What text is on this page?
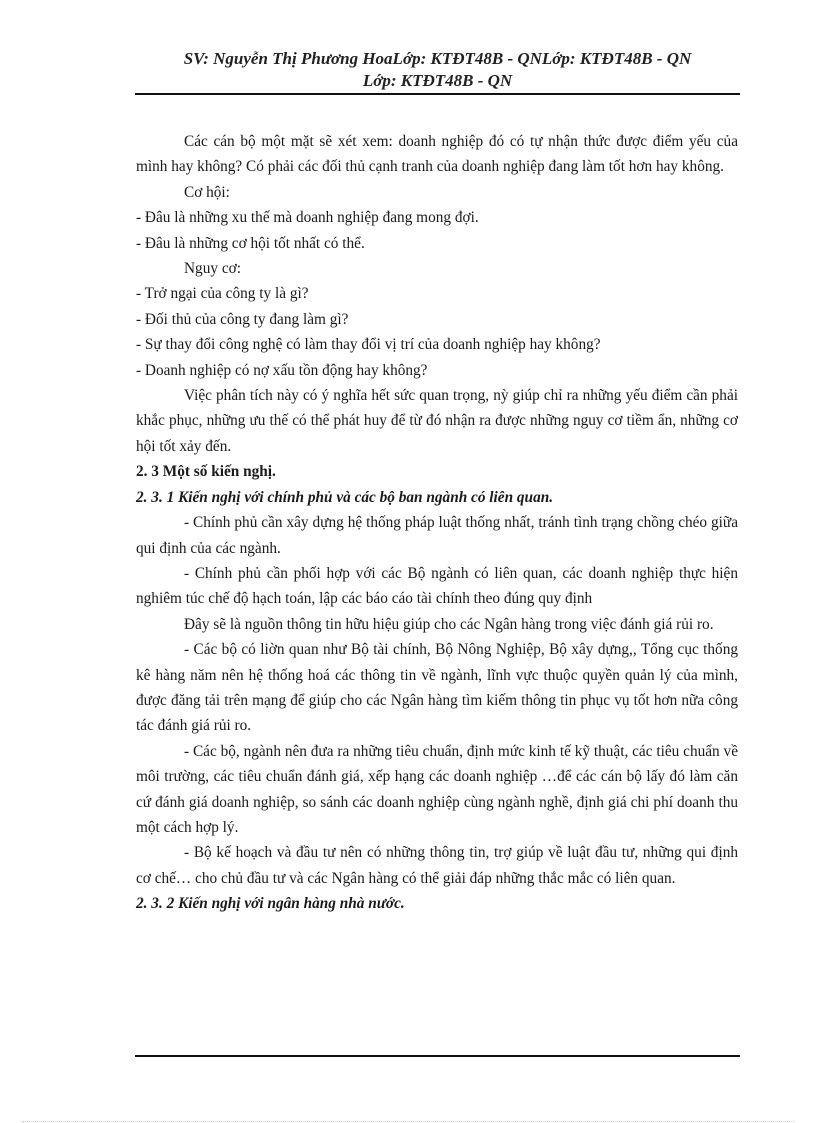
SV: Nguyễn Thị Phương HoaLớp: KTĐT48B - QNLớp: KTĐT48B - QN
Lớp: KTĐT48B - QN

Các cán bộ một mặt sẽ xét xem: doanh nghiệp đó có tự nhận thức được điểm yếu của mình hay không? Có phải các đối thủ cạnh tranh của doanh nghiệp đang làm tốt hơn hay không.

Cơ hội:

- Đâu là những xu thế mà doanh nghiệp đang mong đợi.

- Đâu là những cơ hội tốt nhất có thể.

Nguy cơ:

- Trở ngại của công ty là gì?

- Đối thủ của công ty đang làm gì?

- Sự thay đổi công nghệ có làm thay đổi vị trí của doanh nghiệp hay không?

- Doanh nghiệp có nợ xấu tồn động hay không?

Việc phân tích này có ý nghĩa hết sức quan trọng, nỳ giúp chỉ ra những yếu điểm cần phải khắc phục, những ưu thế có thể phát huy để từ đó nhận ra được những nguy cơ tiềm ẩn, những cơ hội tốt xảy đến.

2. 3 Một số kiến nghị.

2. 3. 1 Kiến nghị với chính phủ và các bộ ban ngành có liên quan.

- Chính phủ cần xây dựng hệ thống pháp luật thống nhất, tránh tình trạng chồng chéo giữa qui định của các ngành.

- Chính phủ cần phối hợp với các Bộ ngành có liên quan, các doanh nghiệp thực hiện nghiêm túc chế độ hạch toán, lập các báo cáo tài chính theo đúng quy định

Đây sẽ là nguồn thông tin hữu hiệu giúp cho các Ngân hàng trong việc đánh giá rủi ro.

- Các bộ có liờn quan như Bộ tài chính, Bộ Nông Nghiệp, Bộ xây dựng,, Tổng cục thống kê hàng năm nên hệ thống hoá các thông tin về ngành, lĩnh vực thuộc quyền quản lý của mình, được đăng tải trên mạng để giúp cho các Ngân hàng tìm kiếm thông tin phục vụ tốt hơn nữa công tác đánh giá rủi ro.

- Các bộ, ngành nên đưa ra những tiêu chuẩn, định mức kinh tế kỹ thuật, các tiêu chuẩn về môi trường, các tiêu chuẩn đánh giá, xếp hạng các doanh nghiệp …để các cán bộ lấy đó làm căn cứ đánh giá doanh nghiệp, so sánh các doanh nghiệp cùng ngành nghề, định giá chi phí doanh thu một cách hợp lý.

- Bộ kế hoạch và đầu tư nên có những thông tin, trợ giúp về luật đầu tư, những qui định cơ chế… cho chủ đầu tư và các Ngân hàng có thể giải đáp những thắc mắc có liên quan.

2. 3. 2 Kiến nghị với ngân hàng nhà nước.
